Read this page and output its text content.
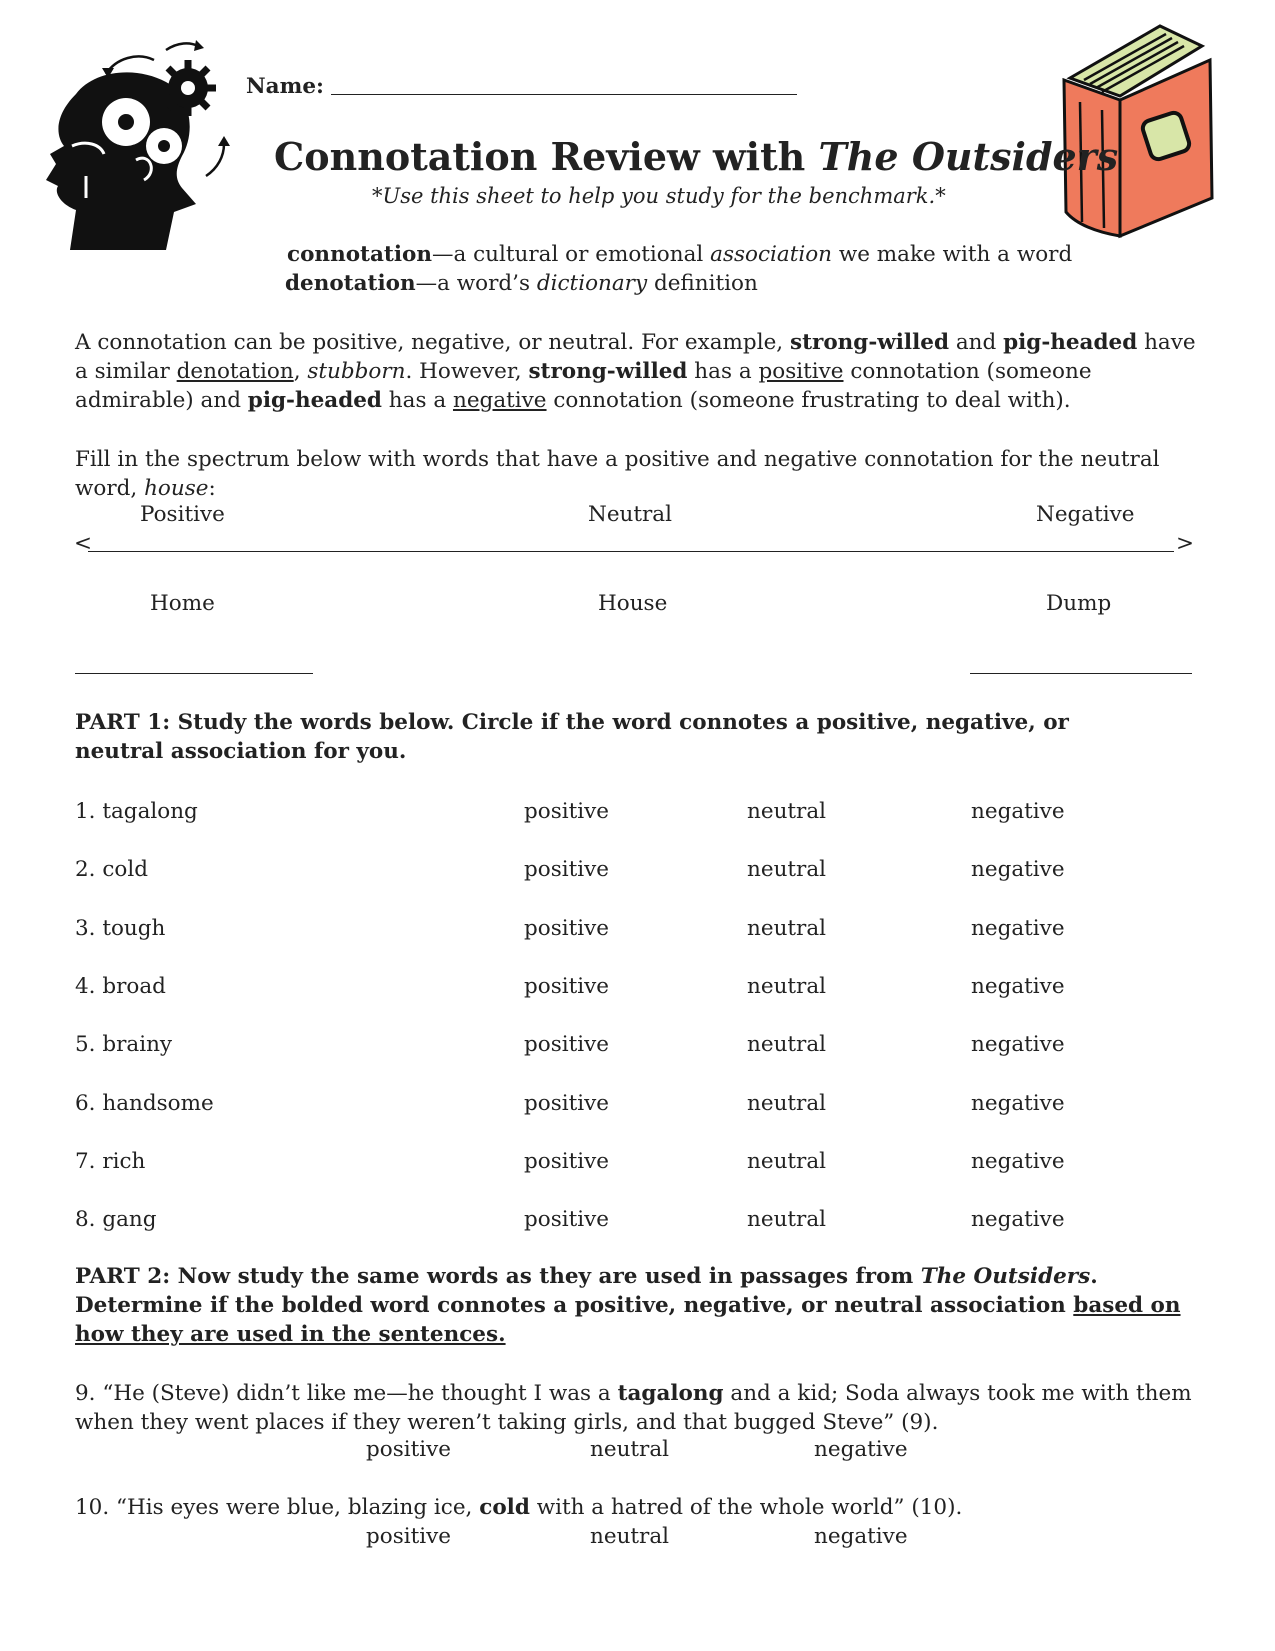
Name:
Connotation Review with The Outsiders
*Use this sheet to help you study for the benchmark.*
connotation—a cultural or emotional association we make with a word
denotation—a word’s dictionary definition
A connotation can be positive, negative, or neutral. For example, strong-willed and pig-headed have a similar denotation, stubborn. However, strong-willed has a positive connotation (someone admirable) and pig-headed has a negative connotation (someone frustrating to deal with).
Fill in the spectrum below with words that have a positive and negative connotation for the neutral word, house:
Positive	Neutral	Negative
<	>
Home	House	Dump
PART 1: Study the words below. Circle if the word connotes a positive, negative, or neutral association for you.
1. tagalong	positive	neutral	negative
2. cold	positive	neutral	negative
3. tough	positive	neutral	negative
4. broad	positive	neutral	negative
5. brainy	positive	neutral	negative
6. handsome	positive	neutral	negative
7. rich	positive	neutral	negative
8. gang	positive	neutral	negative
PART 2: Now study the same words as they are used in passages from The Outsiders. Determine if the bolded word connotes a positive, negative, or neutral association based on how they are used in the sentences.
9. “He (Steve) didn’t like me—he thought I was a tagalong and a kid; Soda always took me with them when they went places if they weren’t taking girls, and that bugged Steve” (9).
positive	neutral	negative
10. “His eyes were blue, blazing ice, cold with a hatred of the whole world” (10).
positive	neutral	negative
